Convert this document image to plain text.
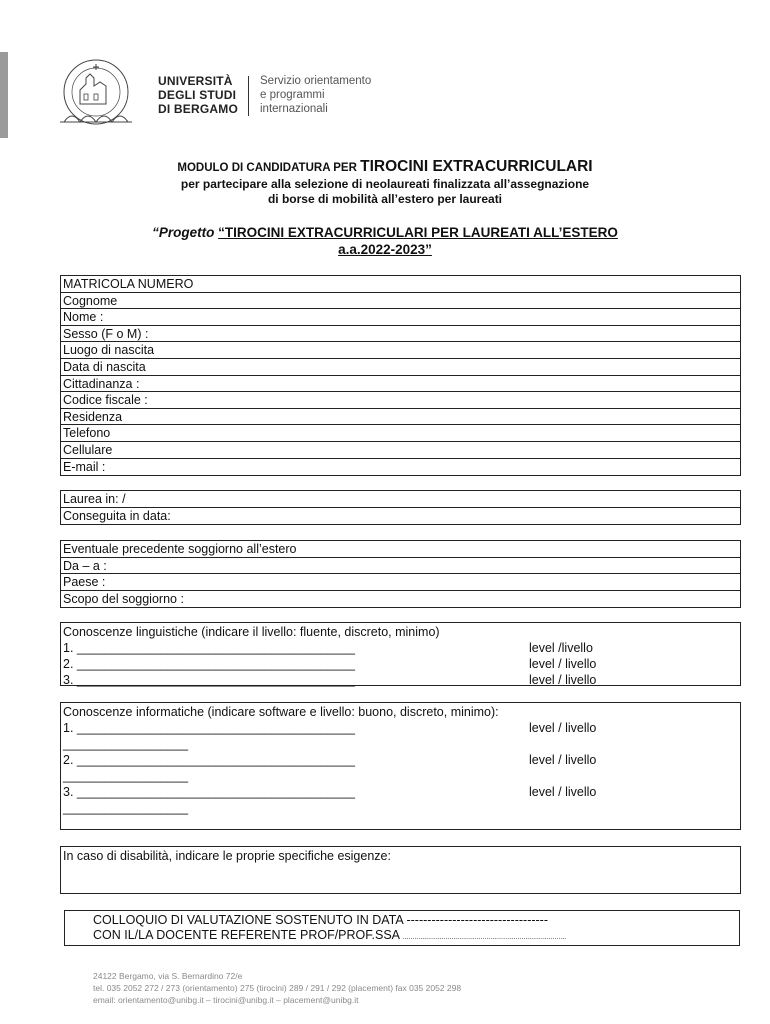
UNIVERSITÀ
DEGLI STUDI
DI BERGAMO
Servizio orientamento
e programmi
internazionali
MODULO DI CANDIDATURA PER TIROCINI EXTRACURRICULARI
per partecipare alla selezione di neolaureati finalizzata all’assegnazione
di borse di mobilità all’estero per laureati
“Progetto “TIROCINI EXTRACURRICULARI PER LAUREATI ALL’ESTERO
a.a.2022-2023”
MATRICOLA NUMERO
Cognome
Nome :
Sesso (F o M) :
Luogo di nascita
Data di nascita
Cittadinanza :
Codice fiscale :
Residenza
Telefono
Cellulare
E-mail :
Laurea in: /
Conseguita in data:
Eventuale precedente soggiorno all’estero
Da – a :
Paese :
Scopo del soggiorno :
Conoscenze linguistiche (indicare il livello: fluente, discreto, minimo)
1. ________________________________________	level /livello
2. ________________________________________	level / livello
3. ________________________________________	level / livello
Conoscenze informatiche (indicare software e livello: buono, discreto, minimo):
1. ________________________________________	level / livello
__________________
2. ________________________________________	level / livello
__________________
3. ________________________________________	level / livello
__________________
In caso di disabilità, indicare le proprie specifiche esigenze:
COLLOQUIO DI VALUTAZIONE SOSTENUTO IN DATA ----------------------------------
CON IL/LA DOCENTE REFERENTE PROF/PROF.SSA ....................................................................................
24122 Bergamo, via S. Bernardino 72/e
tel. 035 2052 272 / 273 (orientamento) 275 (tirocini) 289 / 291 / 292 (placement) fax 035 2052 298
email: orientamento@unibg.it – tirocini@unibg.it – placement@unibg.it
